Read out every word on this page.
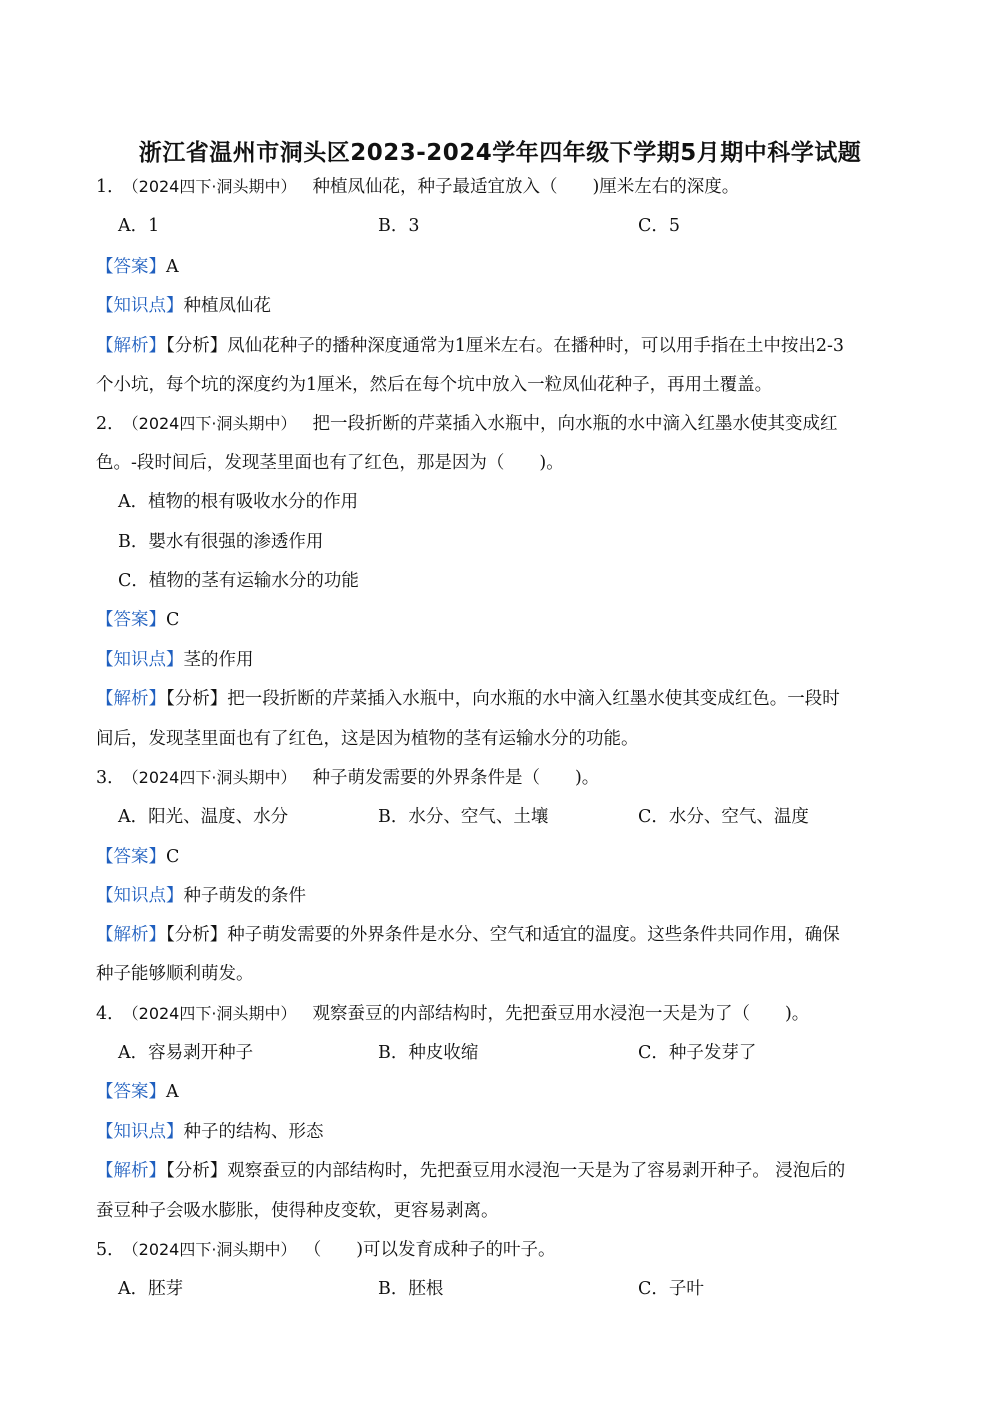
浙江省温州市洞头区2023-2024学年四年级下学期5月期中科学试题
1． （2024四下·洞头期中） 种植凤仙花，种子最适宜放入（　　)厘米左右的深度。
A．1	B．3	C．5
【答案】A
【知识点】种植凤仙花
【解析】【分析】凤仙花种子的播种深度通常为1厘米左右。在播种时，可以用手指在土中按出2-3
个小坑，每个坑的深度约为1厘米，然后在每个坑中放入一粒凤仙花种子，再用土覆盖。
2． （2024四下·洞头期中） 把一段折断的芹菜插入水瓶中，向水瓶的水中滴入红墨水使其变成红
色。-段时间后，发现茎里面也有了红色，那是因为（　　)。
A．植物的根有吸收水分的作用
B．嬰水有很强的渗透作用
C．植物的茎有运输水分的功能
【答案】C
【知识点】茎的作用
【解析】【分析】把一段折断的芹菜插入水瓶中，向水瓶的水中滴入红墨水使其变成红色。一段时
间后，发现茎里面也有了红色，这是因为植物的茎有运输水分的功能。
3． （2024四下·洞头期中） 种子萌发需要的外界条件是（　　)。
A．阳光、温度、水分	B．水分、空气、土壤	C．水分、空气、温度
【答案】C
【知识点】种子萌发的条件
【解析】【分析】种子萌发需要的外界条件是水分、空气和适宜的温度。这些条件共同作用，确保
种子能够顺利萌发。
4． （2024四下·洞头期中） 观察蚕豆的内部结构时，先把蚕豆用水浸泡一天是为了（　　)。
A．容易剥开种子	B．种皮收缩	C．种子发芽了
【答案】A
【知识点】种子的结构、形态
【解析】【分析】观察蚕豆的内部结构时，先把蚕豆用水浸泡一天是为了容易剥开种子。 浸泡后的
蚕豆种子会吸水膨胀，使得种皮变软，更容易剥离。
5． （2024四下·洞头期中） （　　)可以发育成种子的叶子。
A．胚芽	B．胚根	C．子叶
